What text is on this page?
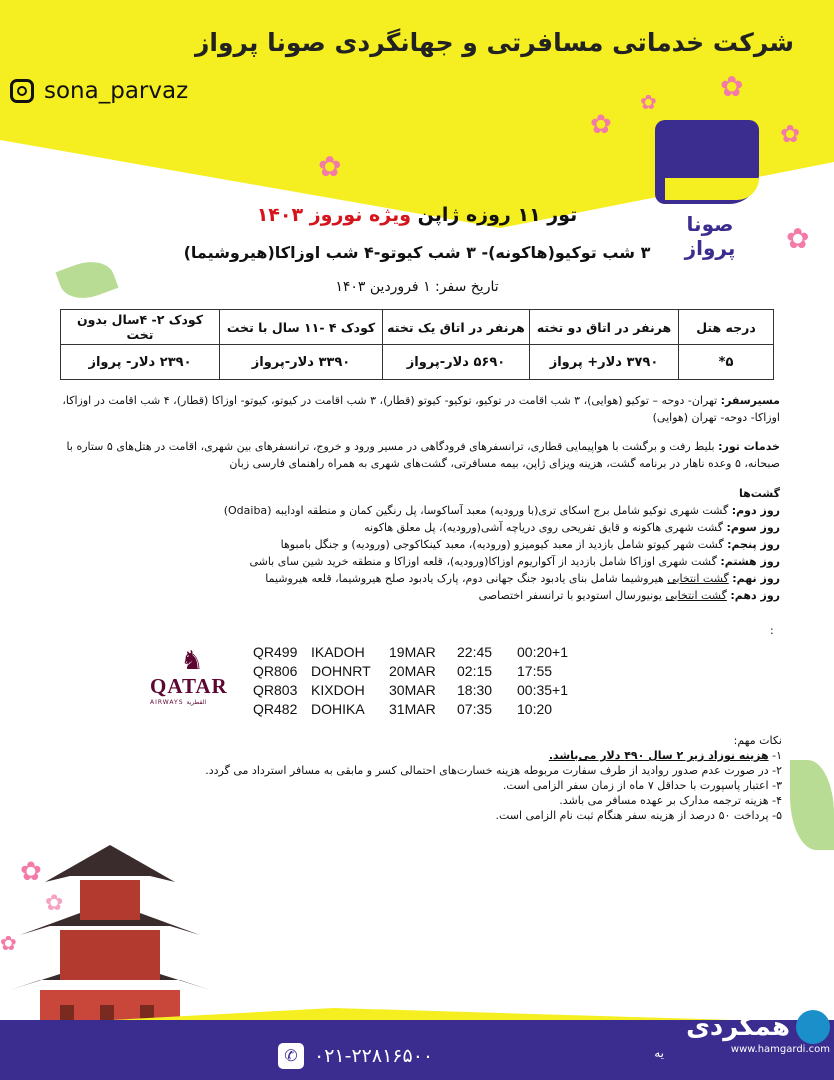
شرکت خدماتی مسافرتی و جهانگردی صونا پرواز
sona_parvaz
✿
✿
✿
✿
✿
✿
صونا پرواز
تور ۱۱ روزه ژاپن ویژه نوروز ۱۴۰۳
۳ شب توکیو(هاکونه)- ۳ شب کیوتو-۴ شب اوزاکا(هیروشیما)
تاریخ سفر: ۱ فروردین ۱۴۰۳
درجه هتل	هرنفر در اتاق دو تخته	هرنفر در اتاق یک تخته	کودک ۴ -۱۱ سال با تخت	کودک ۲- ۴سال بدون تخت
۵*	۳۷۹۰ دلار+ پرواز	۵۶۹۰ دلار-پرواز	۳۳۹۰ دلار-پرواز	۲۳۹۰ دلار- پرواز
مسیرسفر: تهران- دوحه – توکیو (هوایی)، ۳ شب اقامت در توکیو، توکیو- کیوتو (قطار)، ۳ شب اقامت در کیوتو، کیوتو- اوزاکا (قطار)، ۴ شب اقامت در اوزاکا، اوزاکا- دوحه- تهران (هوایی)
خدمات تور: بلیط رفت و برگشت با هواپیمایی قطاری، ترانسفرهای فرودگاهی در مسیر ورود و خروج، ترانسفرهای بین شهری، اقامت در هتل‌های ۵ ستاره با صبحانه، ۵ وعده ناهار در برنامه گشت، هزینه ویزای ژاپن، بیمه مسافرتی، گشت‌های شهری به همراه راهنمای فارسی زبان
گشت‌ها
روز دوم: گشت شهری توکیو شامل برج اسکای تری(با ورودیه) معبد آساکوسا، پل رنگین کمان و منطقه اودایبه (Odaiba)
روز سوم: گشت شهری هاکونه و قایق تفریحی روی دریاچه آشی(ورودیه)، پل معلق هاکونه
روز پنجم: گشت شهر کیوتو شامل بازدید از معبد کیومیزو (ورودیه)، معبد کینکاکوجی (ورودیه) و جنگل بامبوها
روز هشتم: گشت شهری اوزاکا شامل بازدید از آکواریوم اوزاکا(ورودیه)، قلعه اوزاکا و منطقه خرید شین سای باشی
روز نهم: گشت انتخابی هیروشیما شامل بنای یادبود جنگ جهانی دوم، پارک یادبود صلح هیروشیما، قلعه هیروشیما
روز دهم: گشت انتخابی یونیورسال استودیو با ترانسفر اختصاصی
:
♞
QATAR
AIRWAYS القطرية
QR499 IKADOH 19MAR 22:45 00:20+1
QR806 DOHNRT 20MAR 02:15 17:55
QR803 KIXDOH 30MAR 18:30 00:35+1
QR482 DOHIKA 31MAR 07:35 10:20
نکات مهم:
۱- هزینه نوزاد زیر ۲ سال ۴۹۰ دلار می‌باشد.
۲- در صورت عدم صدور روادید از طرف سفارت مربوطه هزینه خسارت‌های احتمالی کسر و مابقی به مسافر استرداد می گردد.
۳- اعتبار پاسپورت با حداقل ۷ ماه از زمان سفر الزامی است.
۴- هزینه ترجمه مدارک بر عهده مسافر می باشد.
۵- پرداخت ۵۰ درصد از هزینه سفر هنگام ثبت نام الزامی است.
✿
✿
✿
✆ ۰۲۱-۲۲۸۱۶۵۰۰	یه
همگردی
www.hamgardi.com
